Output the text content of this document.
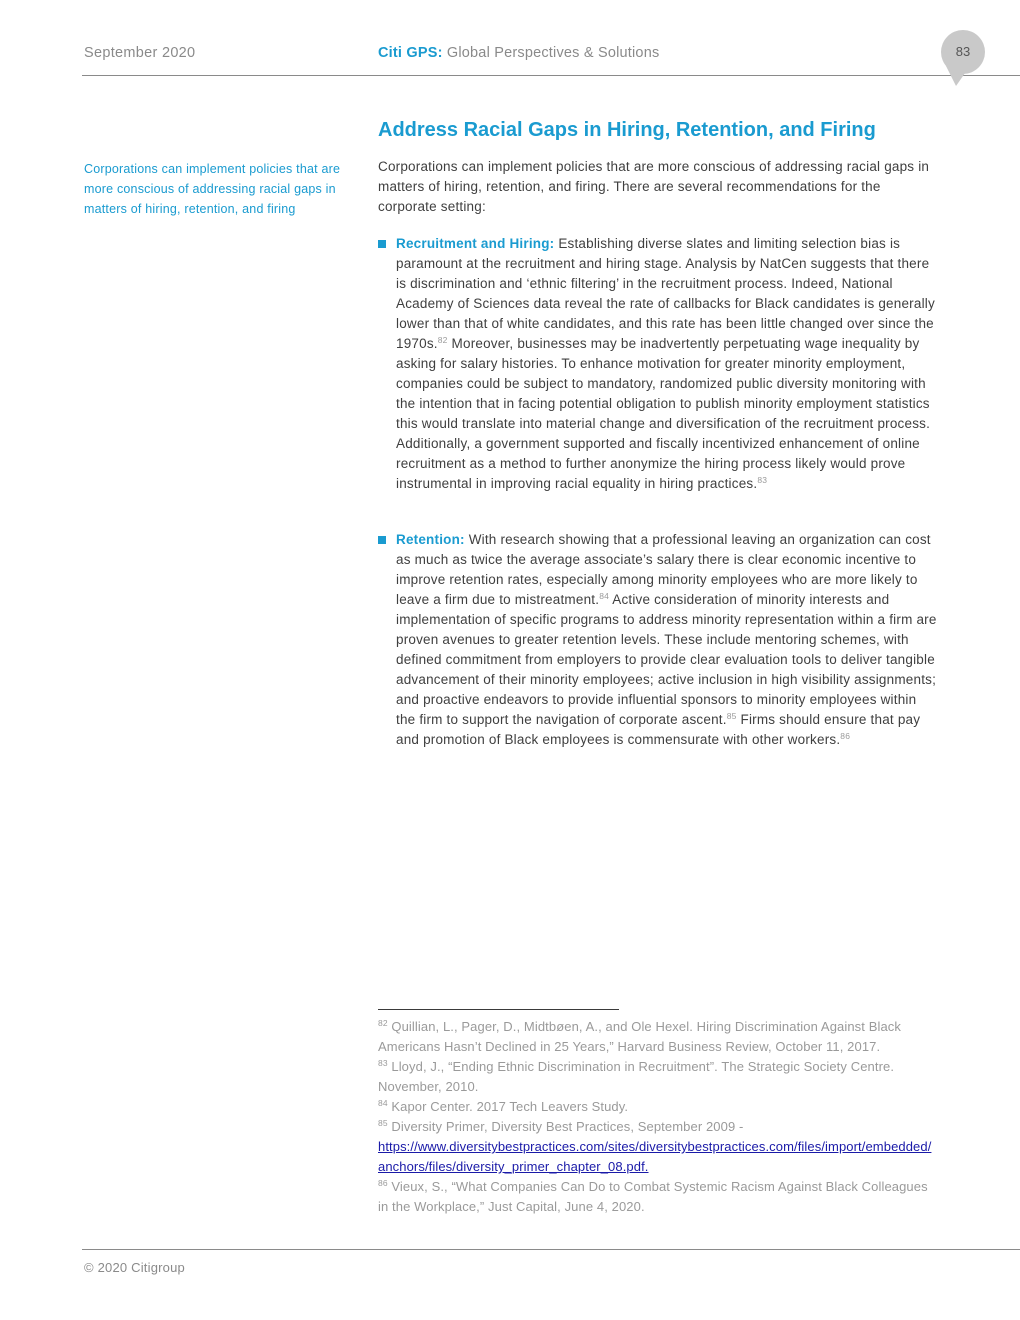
September 2020	Citi GPS: Global Perspectives & Solutions	83
Address Racial Gaps in Hiring, Retention, and Firing
Corporations can implement policies that are more conscious of addressing racial gaps in matters of hiring, retention, and firing
Corporations can implement policies that are more conscious of addressing racial gaps in matters of hiring, retention, and firing. There are several recommendations for the corporate setting:
Recruitment and Hiring: Establishing diverse slates and limiting selection bias is paramount at the recruitment and hiring stage. Analysis by NatCen suggests that there is discrimination and ‘ethnic filtering’ in the recruitment process. Indeed, National Academy of Sciences data reveal the rate of callbacks for Black candidates is generally lower than that of white candidates, and this rate has been little changed over since the 1970s.$^{82}$ Moreover, businesses may be inadvertently perpetuating wage inequality by asking for salary histories. To enhance motivation for greater minority employment, companies could be subject to mandatory, randomized public diversity monitoring with the intention that in facing potential obligation to publish minority employment statistics this would translate into material change and diversification of the recruitment process. Additionally, a government supported and fiscally incentivized enhancement of online recruitment as a method to further anonymize the hiring process likely would prove instrumental in improving racial equality in hiring practices.$^{83}$
Retention: With research showing that a professional leaving an organization can cost as much as twice the average associate’s salary there is clear economic incentive to improve retention rates, especially among minority employees who are more likely to leave a firm due to mistreatment.$^{84}$ Active consideration of minority interests and implementation of specific programs to address minority representation within a firm are proven avenues to greater retention levels. These include mentoring schemes, with defined commitment from employers to provide clear evaluation tools to deliver tangible advancement of their minority employees; active inclusion in high visibility assignments; and proactive endeavors to provide influential sponsors to minority employees within the firm to support the navigation of corporate ascent.$^{85}$ Firms should ensure that pay and promotion of Black employees is commensurate with other workers.$^{86}$
$^{82}$ Quillian, L., Pager, D., Midtbøen, A., and Ole Hexel. Hiring Discrimination Against Black Americans Hasn’t Declined in 25 Years,” Harvard Business Review, October 11, 2017.
$^{83}$ Lloyd, J., “Ending Ethnic Discrimination in Recruitment”. The Strategic Society Centre. November, 2010.
$^{84}$ Kapor Center. 2017 Tech Leavers Study.
$^{85}$ Diversity Primer, Diversity Best Practices, September 2009 -
https://www.diversitybestpractices.com/sites/diversitybestpractices.com/files/import/embedded/anchors/files/diversity_primer_chapter_08.pdf.
$^{86}$ Vieux, S., “What Companies Can Do to Combat Systemic Racism Against Black Colleagues in the Workplace,” Just Capital, June 4, 2020.
© 2020 Citigroup
